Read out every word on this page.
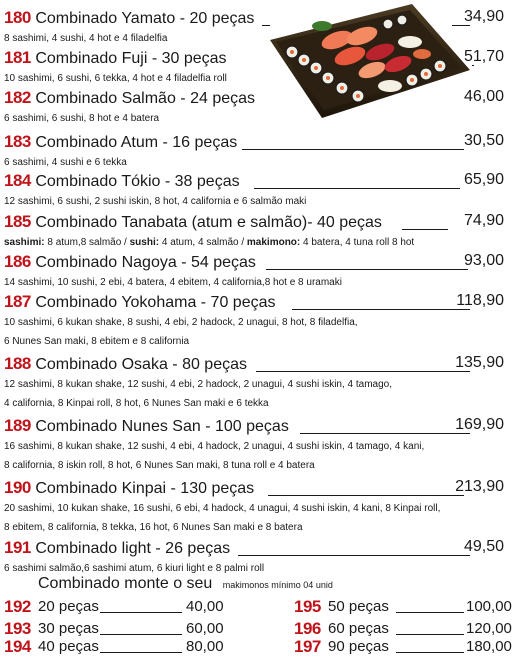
180 Combinado Yamato - 20 peças	34,90
8 sashimi, 4 sushi, 4 hot e 4 filadelfia
181 Combinado Fuji - 30 peças	51,70
10 sashimi, 6 sushi, 6 tekka, 4 hot e 4 filadelfia roll
182 Combinado Salmão - 24 peças	46,00
6 sashimi, 6 sushi, 8 hot e 4 batera
183 Combinado Atum - 16 peças	30,50
6 sashimi, 4 sushi e 6 tekka
184 Combinado Tókio - 38 peças	65,90
12 sashimi, 6 sushi, 2 sushi iskin, 8 hot, 4 california e 6 salmão maki
185 Combinado Tanabata (atum e salmão)- 40 peças	74,90
sashimi: 8 atum,8 salmão / sushi: 4 atum, 4 salmão / makimono: 4 batera, 4 tuna roll 8 hot
186 Combinado Nagoya - 54 peças	93,00
14 sashimi, 10 sushi, 2 ebi, 4 batera, 4 ebitem, 4 california,8 hot e 8 uramaki
187 Combinado Yokohama - 70 peças	118,90
10 sashimi, 6 kukan shake, 8 sushi, 4 ebi, 2 hadock, 2 unagui, 8 hot, 8 filadelfia,
6 Nunes San maki, 8 ebitem e 8 california
188 Combinado Osaka - 80 peças	135,90
12 sashimi, 8 kukan shake, 12 sushi, 4 ebi, 2 hadock, 2 unagui, 4 sushi iskin, 4 tamago,
4 california, 8 Kinpai roll, 8 hot, 6 Nunes San maki e 6 tekka
189 Combinado Nunes San - 100 peças	169,90
16 sashimi, 8 kukan shake, 12 sushi, 4 ebi, 4 hadock, 2 unagui, 4 sushi iskin, 4 tamago, 4 kani,
8 california, 8 iskin roll, 8 hot, 6 Nunes San maki, 8 tuna roll e 4 batera
190 Combinado Kinpai - 130 peças	213,90
20 sashimi, 10 kukan shake, 16 sushi, 6 ebi, 4 hadock, 4 unagui, 4 sushi iskin, 4 kani, 8 Kinpai roll,
8 ebitem, 8 california, 8 tekka, 16 hot, 6 Nunes San maki e 8 batera
191 Combinado light - 26 peças	49,50
6 sashimi salmão,6 sashimi atum, 6 kiuri light e 8 palmi roll
Combinado monte o seu makimonos mínimo 04 unid
192 20 peças	40,00
193 30 peças	60,00
194 40 peças	80,00
195 50 peças	100,00
196 60 peças	120,00
197 90 peças	180,00
